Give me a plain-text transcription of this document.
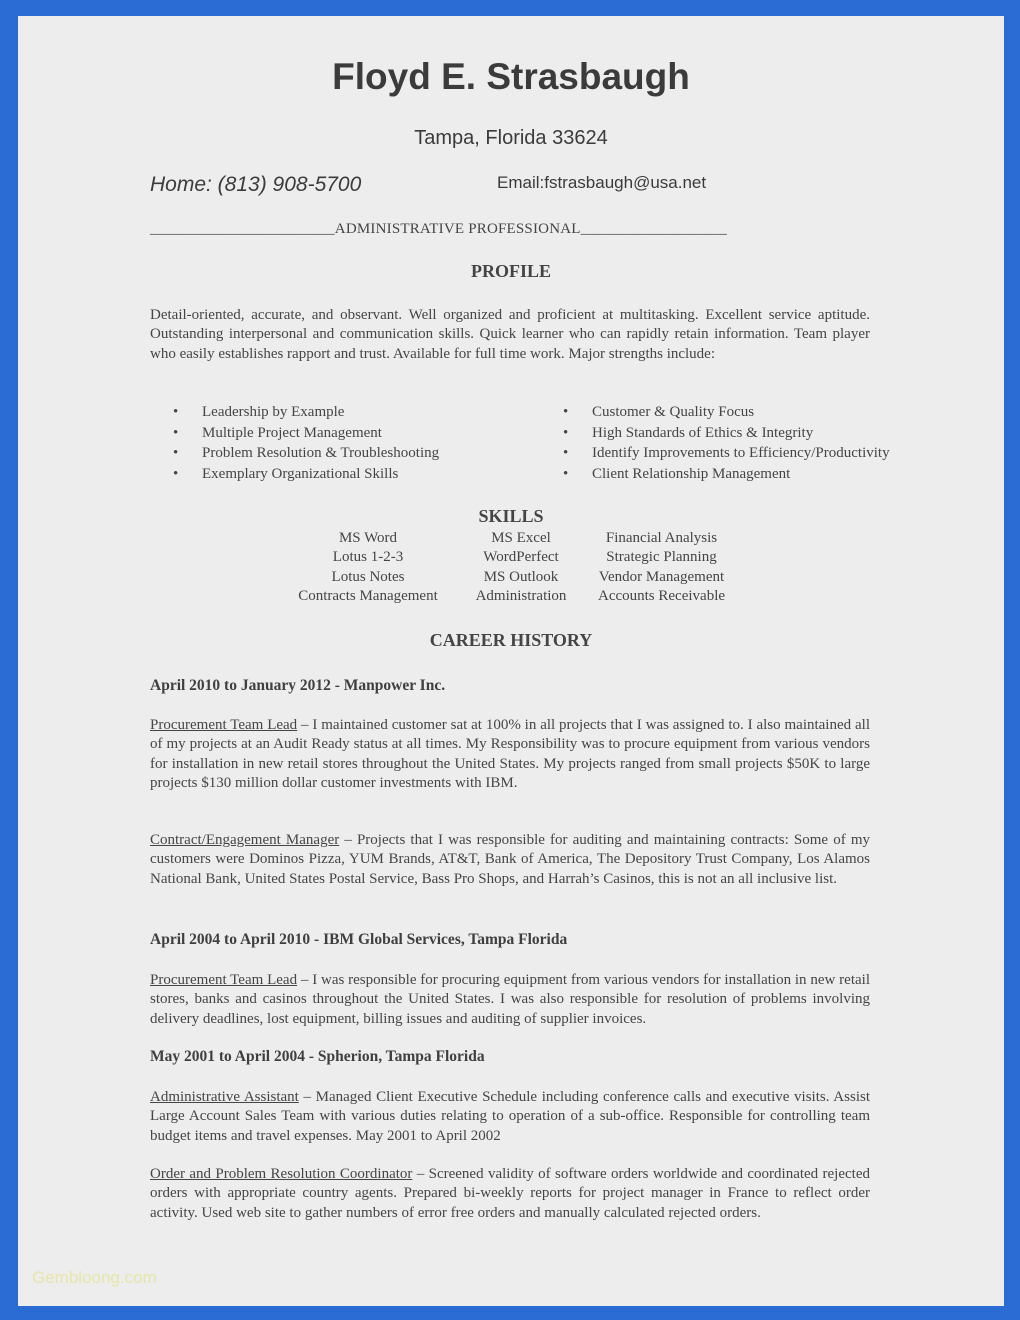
Floyd E. Strasbaugh
Tampa, Florida 33624
Home: (813) 908-5700	Email:fstrasbaugh@usa.net
________________________ADMINISTRATIVE PROFESSIONAL___________________
PROFILE
Detail-oriented, accurate, and observant. Well organized and proficient at multitasking. Excellent service aptitude. Outstanding interpersonal and communication skills. Quick learner who can rapidly retain information. Team player who easily establishes rapport and trust. Available for full time work. Major strengths include:
• Leadership by Example
• Multiple Project Management
• Problem Resolution & Troubleshooting
• Exemplary Organizational Skills
• Customer & Quality Focus
• High Standards of Ethics & Integrity
• Identify Improvements to Efficiency/Productivity
• Client Relationship Management
SKILLS
MS Word
Lotus 1-2-3
Lotus Notes
Contracts Management
MS Excel
WordPerfect
MS Outlook
Administration
Financial Analysis
Strategic Planning
Vendor Management
Accounts Receivable
CAREER HISTORY
April 2010 to January 2012 - Manpower Inc.
Procurement Team Lead – I maintained customer sat at 100% in all projects that I was assigned to. I also maintained all of my projects at an Audit Ready status at all times. My Responsibility was to procure equipment from various vendors for installation in new retail stores throughout the United States. My projects ranged from small projects $50K to large projects $130 million dollar customer investments with IBM.
Contract/Engagement Manager – Projects that I was responsible for auditing and maintaining contracts: Some of my customers were Dominos Pizza, YUM Brands, AT&T, Bank of America, The Depository Trust Company, Los Alamos National Bank, United States Postal Service, Bass Pro Shops, and Harrah’s Casinos, this is not an all inclusive list.
April 2004 to April 2010 - IBM Global Services, Tampa Florida
Procurement Team Lead – I was responsible for procuring equipment from various vendors for installation in new retail stores, banks and casinos throughout the United States. I was also responsible for resolution of problems involving delivery deadlines, lost equipment, billing issues and auditing of supplier invoices.
May 2001 to April 2004 - Spherion, Tampa Florida
Administrative Assistant – Managed Client Executive Schedule including conference calls and executive visits. Assist Large Account Sales Team with various duties relating to operation of a sub-office. Responsible for controlling team budget items and travel expenses. May 2001 to April 2002
Order and Problem Resolution Coordinator – Screened validity of software orders worldwide and coordinated rejected orders with appropriate country agents. Prepared bi-weekly reports for project manager in France to reflect order activity. Used web site to gather numbers of error free orders and manually calculated rejected orders.
Gembloong.com
